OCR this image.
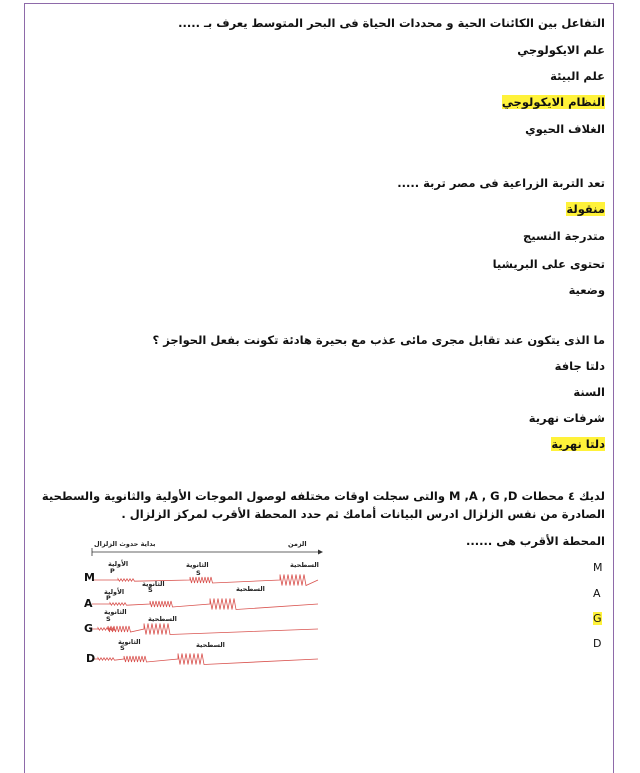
التفاعل بين الكائنات الحية و محددات الحياة فى البحر المتوسط يعرف بـ .....
علم الايكولوجي
علم البيئة
النظام الايكولوجي
الغلاف الحيوي
تعد التربة الزراعية فى مصر تربة .....
منقولة
متدرجة النسيج
تحتوى على البريشيا
وضعية
ما الذى يتكون عند تقابل مجرى مائى عذب مع بحيرة هادئة تكونت بفعل الحواجز ؟
دلتا جافة
السنة
شرفات نهرية
دلتا نهرية
لديك ٤ محطات M ,A , G ,D والتى سجلت اوقات مختلفه لوصول الموجات الأولية والثانوية والسطحية
الصادرة من نفس الزلزال ادرس البيانات أمامك ثم حدد المحطة الأقرب لمركز الزلزال .
المحطة الأقرب هى ......
M
A
G
D
بداية حدوث الزلزال	الزمن
M
الأولية
P
الثانوية
S
السطحية
الأولية
الثانوية
S
P
السطحية
A
الثانوية
S	السطحية
G
الثانوية
S	السطحية
D
